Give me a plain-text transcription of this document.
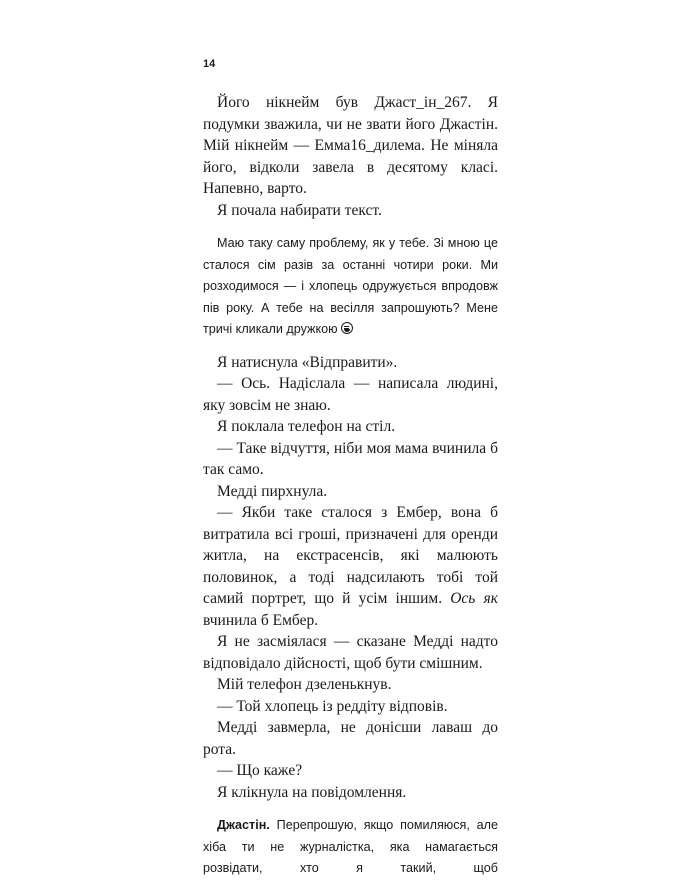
14

Його нікнейм був Джаст_ін_267. Я подумки зважила, чи не звати його Джастін. Мій нікнейм — Емма16_дилема. Не міняла його, відколи завела в десятому класі. Напевно, варто.

Я почала набирати текст.

Маю таку саму проблему, як у тебе. Зі мною це сталося сім разів за останні чотири роки. Ми розходимося — і хлопець одружується впродовж пів року. А тебе на весілля запрошують? Мене тричі кликали дружкою

Я натиснула «Відправити».

— Ось. Надіслала — написала людині, яку зовсім не знаю.

Я поклала телефон на стіл.

— Таке відчуття, ніби моя мама вчинила б так само.

Медді пирхнула.

— Якби таке сталося з Ембер, вона б витратила всі гроші, призначені для оренди житла, на екстрасенсів, які малюють половинок, а тоді надсилають тобі той самий портрет, що й усім іншим. Ось як вчинила б Ембер.

Я не засміялася — сказане Медді надто відповідало дійсності, щоб бути смішним.

Мій телефон дзеленькнув.

— Той хлопець із реддіту відповів.

Медді завмерла, не донісши лаваш до рота.

— Що каже?

Я клікнула на повідомлення.

Джастін. Перепрошую, якщо помиляюся, але хіба ти не журналістка, яка намагається розвідати, хто я такий, щоб
